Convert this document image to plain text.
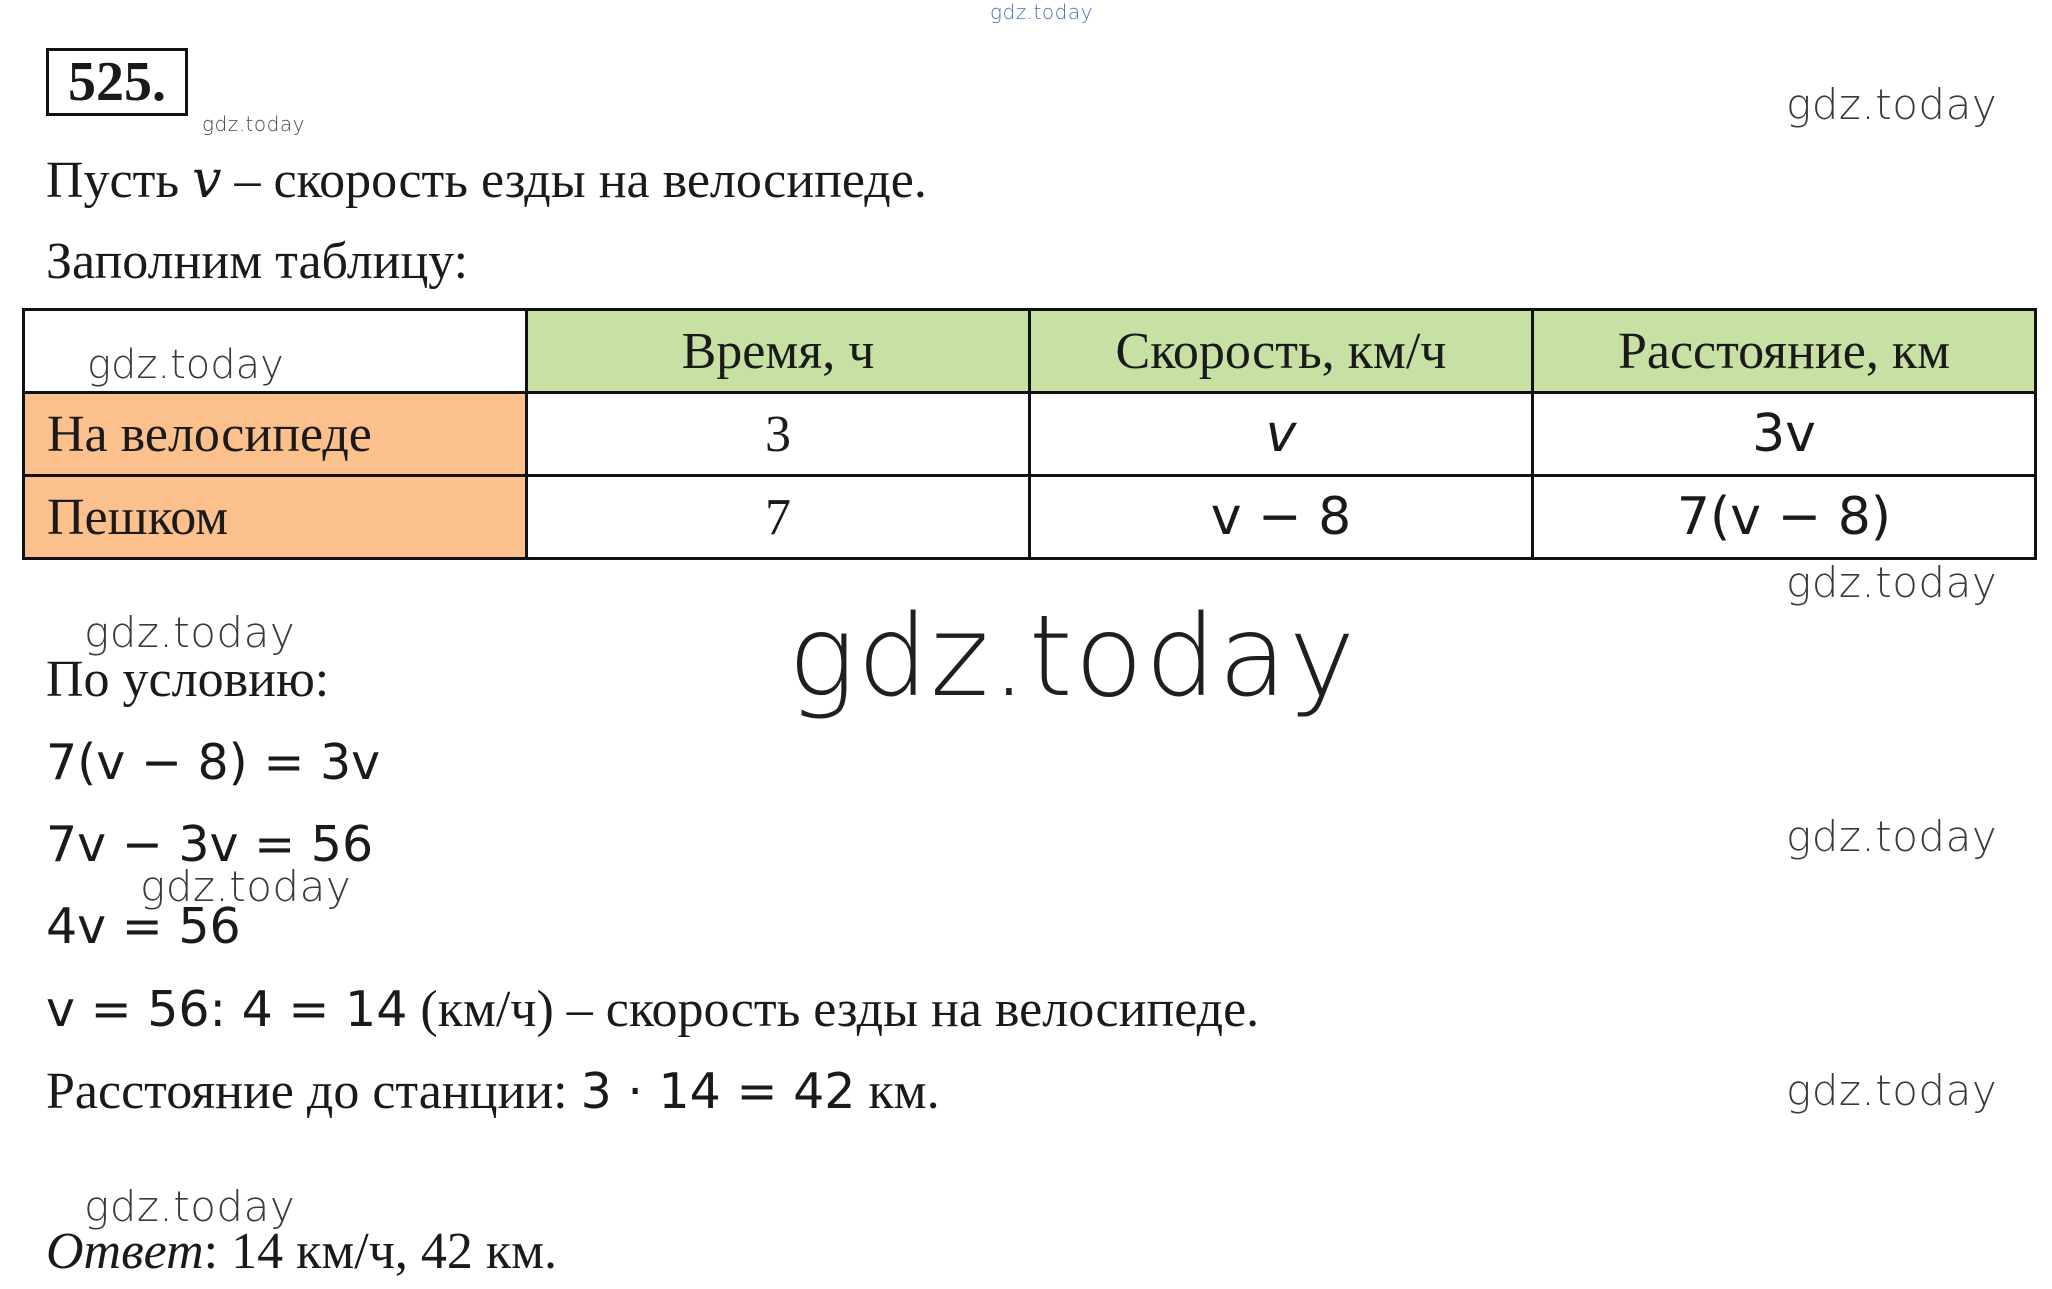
gdz.today
gdz.today	gdz.today
gdz.today
gdz.today	gdz.today
gdz.today
gdz.today
gdz.today
gdz.today
525.
Пусть v – скорость езды на велосипеде.
Заполним таблицу:
gdz.today	Время, ч	Скорость, км/ч	Расстояние, км
На велосипеде	3	v	3v
Пешком	7	v − 8	7(v − 8)
По условию:
7(v − 8) = 3v
7v − 3v = 56
4v = 56
v = 56: 4 = 14 (км/ч) – скорость езды на велосипеде.
Расстояние до станции: 3 · 14 = 42 км.
Ответ: 14 км/ч, 42 км.
